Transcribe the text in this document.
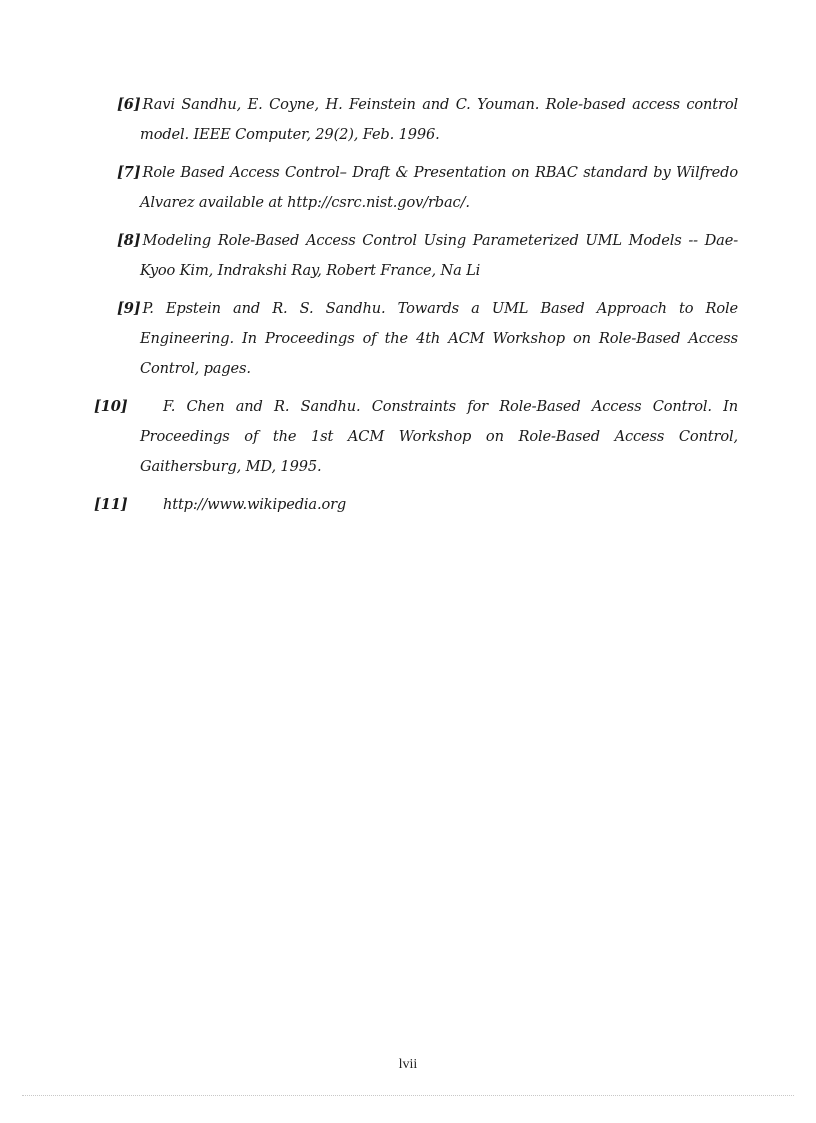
[6] Ravi Sandhu, E. Coyne, H. Feinstein and C. Youman. Role-based access control model. IEEE Computer, 29(2), Feb. 1996.
[7] Role Based Access Control– Draft & Presentation on RBAC standard by Wilfredo Alvarez available at http://csrc.nist.gov/rbac/.
[8] Modeling Role-Based Access Control Using Parameterized UML Models -- Dae-Kyoo Kim, Indrakshi Ray, Robert France, Na Li
[9] P. Epstein and R. S. Sandhu. Towards a UML Based Approach to Role Engineering. In Proceedings of the 4th ACM Workshop on Role-Based Access Control, pages.
[10] F. Chen and R. Sandhu. Constraints for Role-Based Access Control. In Proceedings of the 1st ACM Workshop on Role-Based Access Control, Gaithersburg, MD, 1995.
[11] http://www.wikipedia.org
lvii
